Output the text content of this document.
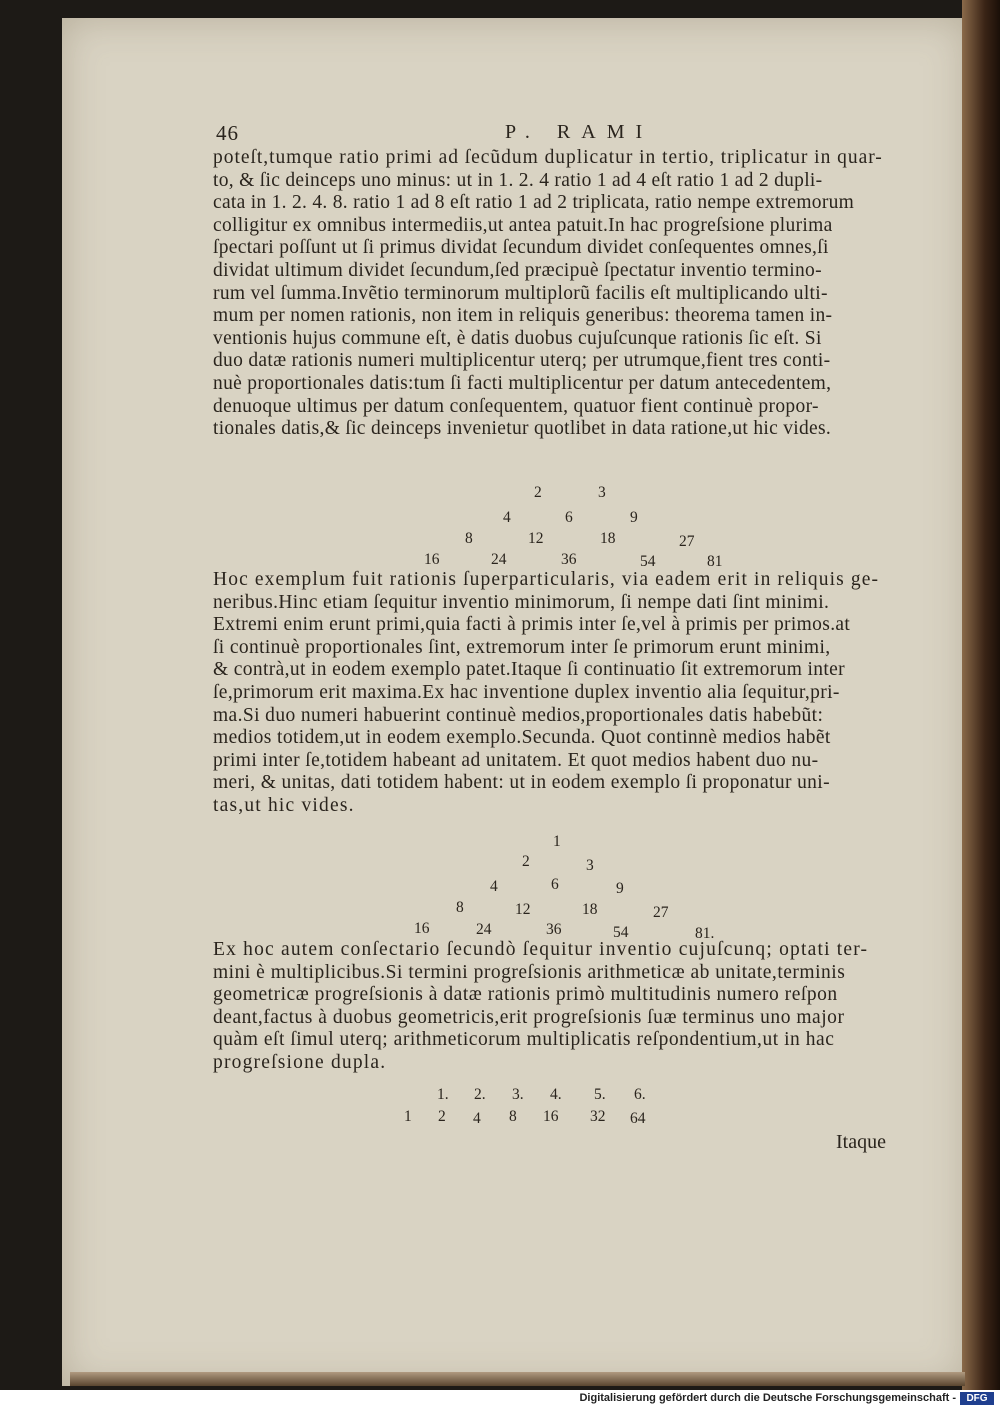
46	P. RAMI
poteſt,tumque ratio primi ad ſecũdum duplicatur in tertio, triplicatur in quar-
to, & ſic deinceps uno minus: ut in 1. 2. 4 ratio 1 ad 4 eſt ratio 1 ad 2 dupli-
cata in 1. 2. 4. 8. ratio 1 ad 8 eſt ratio 1 ad 2 triplicata, ratio nempe extremorum
colligitur ex omnibus intermediis,ut antea patuit.In hac progreſsione plurima
ſpectari poſſunt ut ſi primus dividat ſecundum dividet conſequentes omnes,ſi
dividat ultimum dividet ſecundum,ſed præcipuè ſpectatur inventio termino-
rum vel ſumma.Invẽtio terminorum multiplorũ facilis eſt multiplicando ulti-
mum per nomen rationis, non item in reliquis generibus: theorema tamen in-
ventionis hujus commune eſt, è datis duobus cujuſcunque rationis ſic eſt. Si
duo datæ rationis numeri multiplicentur uterq; per utrumque,fient tres conti-
nuè proportionales datis:tum ſi facti multiplicentur per datum antecedentem,
denuoque ultimus per datum conſequentem, quatuor fient continuè propor-
tionales datis,& ſic deinceps invenietur quotlibet in data ratione,ut hic vides.
2	3
4	6	9
8	12	18	27
16	24	36	54	81
Hoc exemplum fuit rationis ſuperparticularis, via eadem erit in reliquis ge-
neribus.Hinc etiam ſequitur inventio minimorum, ſi nempe dati ſint minimi.
Extremi enim erunt primi,quia facti à primis inter ſe,vel à primis per primos.at
ſi continuè proportionales ſint, extremorum inter ſe primorum erunt minimi,
& contrà,ut in eodem exemplo patet.Itaque ſi continuatio ſit extremorum inter
ſe,primorum erit maxima.Ex hac inventione duplex inventio alia ſequitur,pri-
ma.Si duo numeri habuerint continuè medios,proportionales datis habebũt:
medios totidem,ut in eodem exemplo.Secunda. Quot continnè medios habẽt
primi inter ſe,totidem habeant ad unitatem. Et quot medios habent duo nu-
meri, & unitas, dati totidem habent: ut in eodem exemplo ſi proponatur uni-
tas,ut hic vides.
1
2	3
4	6	9
8	12	18	27
16	24	36	54	81.
Ex hoc autem conſectario ſecundò ſequitur inventio cujuſcunq; optati ter-
mini è multiplicibus.Si termini progreſsionis arithmeticæ ab unitate,terminis
geometricæ progreſsionis à datæ rationis primò multitudinis numero reſpon
deant,factus à duobus geometricis,erit progreſsionis ſuæ terminus uno major
quàm eſt ſimul uterq; arithmeticorum multiplicatis reſpondentium,ut in hac
progreſsione dupla.
1. 2. 3. 4. 5. 6.
1 2 4 8 16 32 64
Itaque
Digitalisierung gefördert durch die Deutsche Forschungsgemeinschaft -	DFG
